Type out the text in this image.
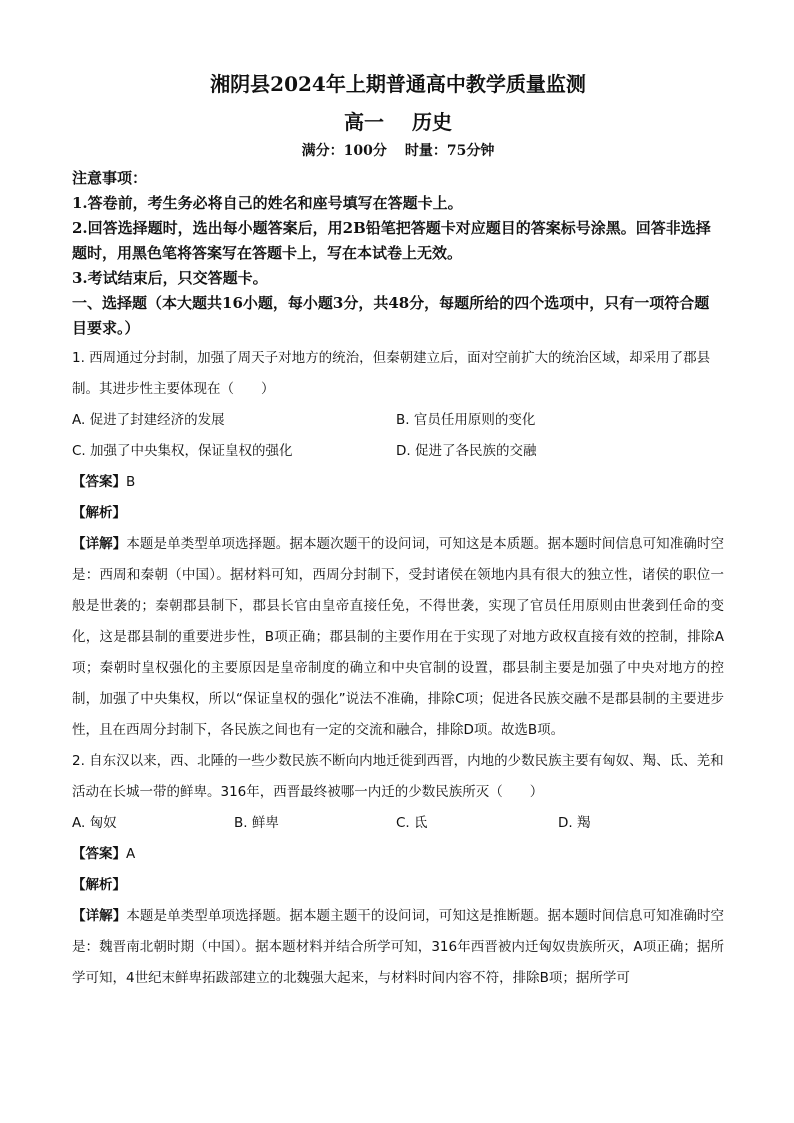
湘阴县2024年上期普通高中教学质量监测
高一 历史
满分：100分 时量：75分钟
注意事项：
1.答卷前，考生务必将自己的姓名和座号填写在答题卡上。
2.回答选择题时，选出每小题答案后，用2B铅笔把答题卡对应题目的答案标号涂黑。回答非选择题时，用黑色笔将答案写在答题卡上，写在本试卷上无效。
3.考试结束后，只交答题卡。
一、选择题（本大题共16小题，每小题3分，共48分，每题所给的四个选项中，只有一项符合题目要求。）
1. 西周通过分封制，加强了周天子对地方的统治，但秦朝建立后，面对空前扩大的统治区域，却采用了郡县制。其进步性主要体现在（　　）
A. 促进了封建经济的发展	B. 官员任用原则的变化
C. 加强了中央集权，保证皇权的强化	D. 促进了各民族的交融
【答案】B
【解析】
【详解】本题是单类型单项选择题。据本题次题干的设问词，可知这是本质题。据本题时间信息可知准确时空是：西周和秦朝（中国）。据材料可知，西周分封制下，受封诸侯在领地内具有很大的独立性，诸侯的职位一般是世袭的；秦朝郡县制下，郡县长官由皇帝直接任免，不得世袭，实现了官员任用原则由世袭到任命的变化，这是郡县制的重要进步性，B项正确；郡县制的主要作用在于实现了对地方政权直接有效的控制，排除A项；秦朝时皇权强化的主要原因是皇帝制度的确立和中央官制的设置，郡县制主要是加强了中央对地方的控制，加强了中央集权，所以“保证皇权的强化”说法不准确，排除C项；促进各民族交融不是郡县制的主要进步性，且在西周分封制下，各民族之间也有一定的交流和融合，排除D项。故选B项。
2. 自东汉以来，西、北陲的一些少数民族不断向内地迁徙到西晋，内地的少数民族主要有匈奴、羯、氐、羌和活动在长城一带的鲜卑。316年，西晋最终被哪一内迁的少数民族所灭（　　）
A. 匈奴	B. 鲜卑	C. 氐	D. 羯
【答案】A
【解析】
【详解】本题是单类型单项选择题。据本题主题干的设问词，可知这是推断题。据本题时间信息可知准确时空是：魏晋南北朝时期（中国）。据本题材料并结合所学可知，316年西晋被内迁匈奴贵族所灭，A项正确；据所学可知，4世纪末鲜卑拓跋部建立的北魏强大起来，与材料时间内容不符，排除B项；据所学可
